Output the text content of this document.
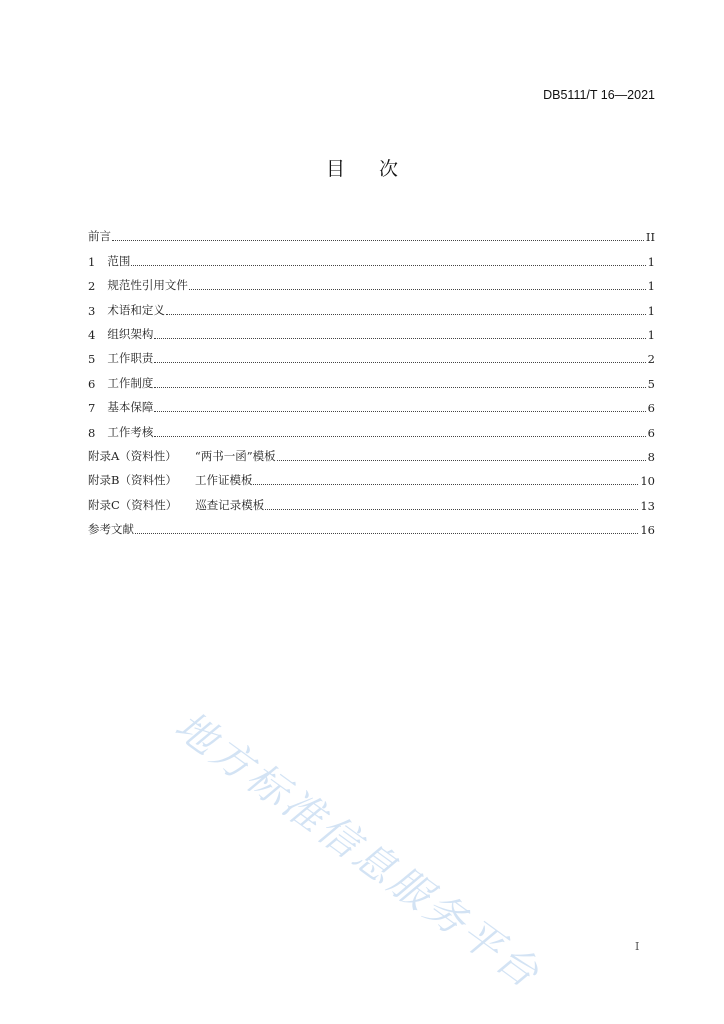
DB5111/T 16—2021
目次
前言	II
1 范围	1
2 规范性引用文件	1
3 术语和定义	1
4 组织架构	1
5 工作职责	2
6 工作制度	5
7 基本保障	6
8 工作考核	6
附录A（资料性） “两书一函”模板	8
附录B（资料性） 工作证模板	10
附录C（资料性） 巡查记录模板	13
参考文献	16
地方标准信息服务平台	I
